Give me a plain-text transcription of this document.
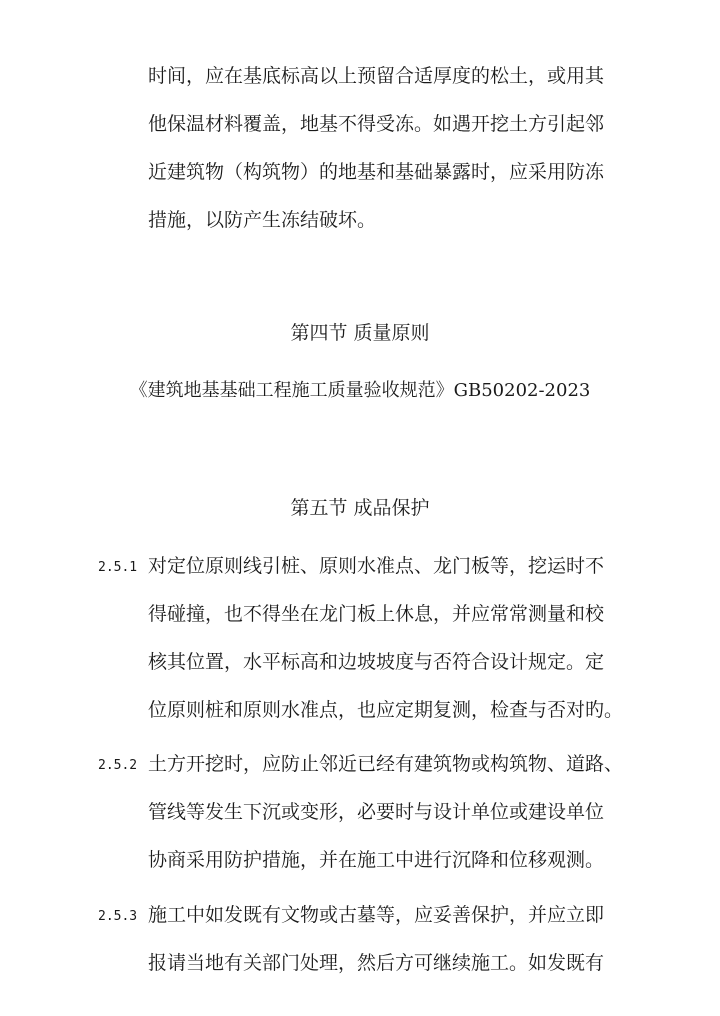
时间，应在基底标高以上预留合适厚度的松土，或用其
他保温材料覆盖，地基不得受冻。如遇开挖土方引起邻
近建筑物（构筑物）的地基和基础暴露时，应采用防冻
措施，以防产生冻结破坏。
第四节 质量原则
《建筑地基基础工程施工质量验收规范》GB50202-2023
第五节 成品保护
2.5.1 对定位原则线引桩、原则水准点、龙门板等，挖运时不
得碰撞，也不得坐在龙门板上休息，并应常常测量和校
核其位置，水平标高和边坡坡度与否符合设计规定。定
位原则桩和原则水准点，也应定期复测，检查与否对旳。
2.5.2 土方开挖时，应防止邻近已经有建筑物或构筑物、道路、
管线等发生下沉或变形，必要时与设计单位或建设单位
协商采用防护措施，并在施工中进行沉降和位移观测。
2.5.3 施工中如发既有文物或古墓等，应妥善保护，并应立即
报请当地有关部门处理，然后方可继续施工。如发既有
